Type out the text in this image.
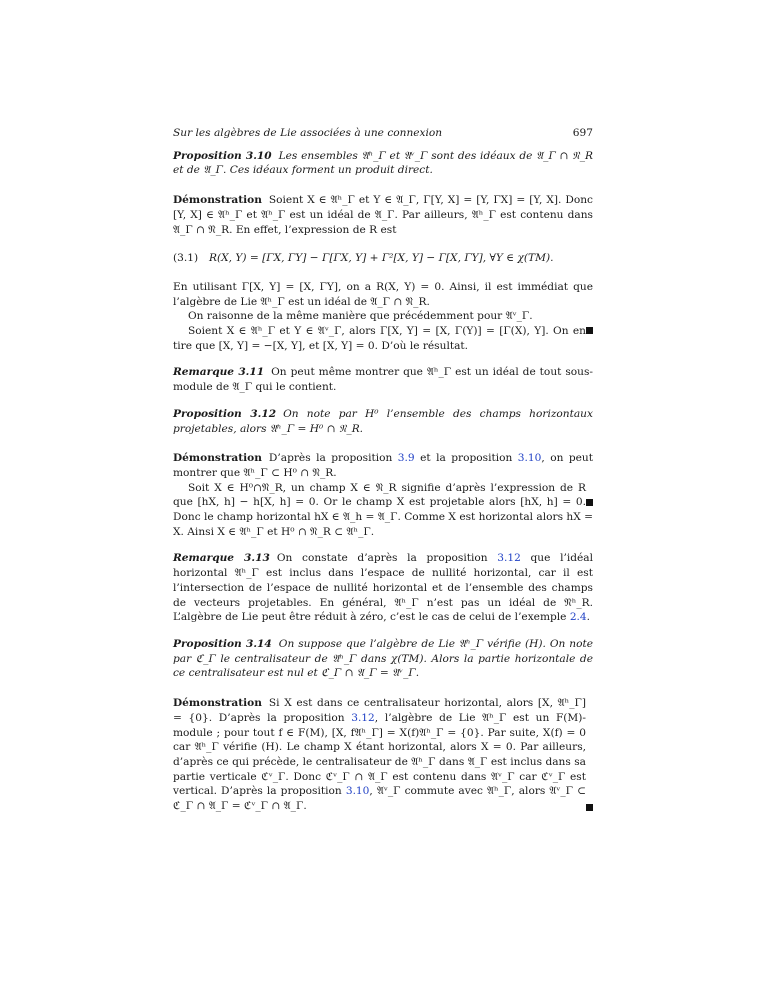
Sur les algèbres de Lie associées à une connexion	697

Proposition 3.10 Les ensembles 𝔄ʰ_Γ et 𝔄ᵛ_Γ sont des idéaux de 𝔄_Γ ∩ 𝔑_R et de 𝔄_Γ. Ces idéaux forment un produit direct.

Démonstration Soient X ∈ 𝔄ʰ_Γ et Y ∈ 𝔄_Γ, Γ[Y, X] = [Y, ΓX] = [Y, X]. Donc [Y, X] ∈ 𝔄ʰ_Γ et 𝔄ʰ_Γ est un idéal de 𝔄_Γ. Par ailleurs, 𝔄ʰ_Γ est contenu dans 𝔄_Γ ∩ 𝔑_R. En effet, l’expression de R est

(3.1)	R(X, Y) = [ΓX, ΓY] − Γ[ΓX, Y] + Γ²[X, Y] − Γ[X, ΓY], ∀Y ∈ χ(TM).

En utilisant Γ[X, Y] = [X, ΓY], on a R(X, Y) = 0. Ainsi, il est immédiat que l’algèbre de Lie 𝔄ʰ_Γ est un idéal de 𝔄_Γ ∩ 𝔑_R.

On raisonne de la même manière que précédemment pour 𝔄ᵛ_Γ.

Soient X ∈ 𝔄ʰ_Γ et Y ∈ 𝔄ᵛ_Γ, alors Γ[X, Y] = [X, Γ(Y)] = [Γ(X), Y]. On en tire que [X, Y] = −[X, Y], et [X, Y] = 0. D’où le résultat.

Remarque 3.11 On peut même montrer que 𝔄ʰ_Γ est un idéal de tout sous-module de 𝔄_Γ qui le contient.

Proposition 3.12 On note par H⁰ l’ensemble des champs horizontaux projetables, alors 𝔄ʰ_Γ = H⁰ ∩ 𝔑_R.

Démonstration D’après la proposition 3.9 et la proposition 3.10, on peut montrer que 𝔄ʰ_Γ ⊂ H⁰ ∩ 𝔑_R.

Soit X ∈ H⁰∩𝔑_R, un champ X ∈ 𝔑_R signifie d’après l’expression de R que [hX, h] − h[X, h] = 0. Or le champ X est projetable alors [hX, h] = 0. Donc le champ horizontal hX ∈ 𝔄_h = 𝔄_Γ. Comme X est horizontal alors hX = X. Ainsi X ∈ 𝔄ʰ_Γ et H⁰ ∩ 𝔑_R ⊂ 𝔄ʰ_Γ.

Remarque 3.13 On constate d’après la proposition 3.12 que l’idéal horizontal 𝔄ʰ_Γ est inclus dans l’espace de nullité horizontal, car il est l’intersection de l’espace de nullité horizontal et de l’ensemble des champs de vecteurs projetables. En général, 𝔄ʰ_Γ n’est pas un idéal de 𝔑ʰ_R. L’algèbre de Lie peut être réduit à zéro, c’est le cas de celui de l’exemple 2.4.

Proposition 3.14 On suppose que l’algèbre de Lie 𝔄ʰ_Γ vérifie (H). On note par ℭ_Γ le centralisateur de 𝔄ʰ_Γ dans χ(TM). Alors la partie horizontale de ce centralisateur est nul et ℭ_Γ ∩ 𝔄_Γ = 𝔄ᵛ_Γ.

Démonstration Si X est dans ce centralisateur horizontal, alors [X, 𝔄ʰ_Γ] = {0}. D’après la proposition 3.12, l’algèbre de Lie 𝔄ʰ_Γ est un F(M)-module ; pour tout f ∈ F(M), [X, f𝔄ʰ_Γ] = X(f)𝔄ʰ_Γ = {0}. Par suite, X(f) = 0 car 𝔄ʰ_Γ vérifie (H). Le champ X étant horizontal, alors X = 0. Par ailleurs, d’après ce qui précède, le centralisateur de 𝔄ʰ_Γ dans 𝔄_Γ est inclus dans sa partie verticale ℭᵛ_Γ. Donc ℭᵛ_Γ ∩ 𝔄_Γ est contenu dans 𝔄ᵛ_Γ car ℭᵛ_Γ est vertical. D’après la proposition 3.10, 𝔄ᵛ_Γ commute avec 𝔄ʰ_Γ, alors 𝔄ᵛ_Γ ⊂ ℭ_Γ ∩ 𝔄_Γ = ℭᵛ_Γ ∩ 𝔄_Γ.
